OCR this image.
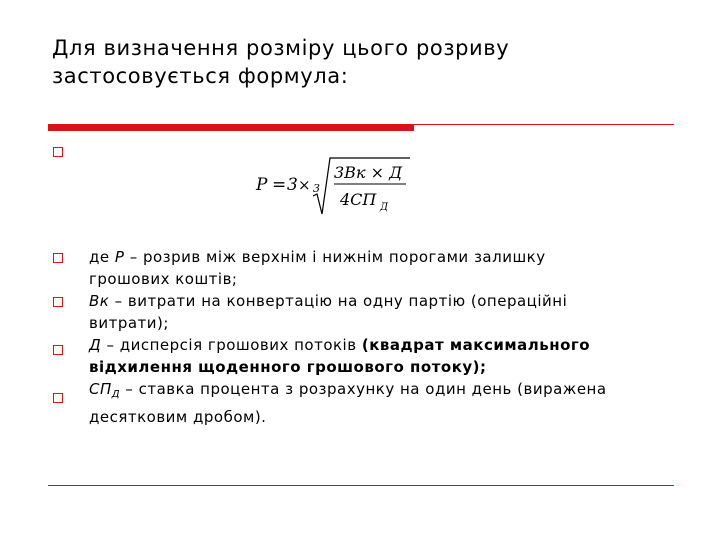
Для визначення розміру цього розриву
застосовується формула:
P = 3 × 3
3Вк × Д
4СП Д
де P – розрив між верхнім і нижнім порогами залишку
грошових коштів;
Вк – витрати на конвертацію на одну партію (операційні
витрати);
Д – дисперсія грошових потоків (квадрат максимального
відхилення щоденного грошового потоку);
$СП_Д$ – ставка процента з розрахунку на один день (виражена
десятковим дробом).
